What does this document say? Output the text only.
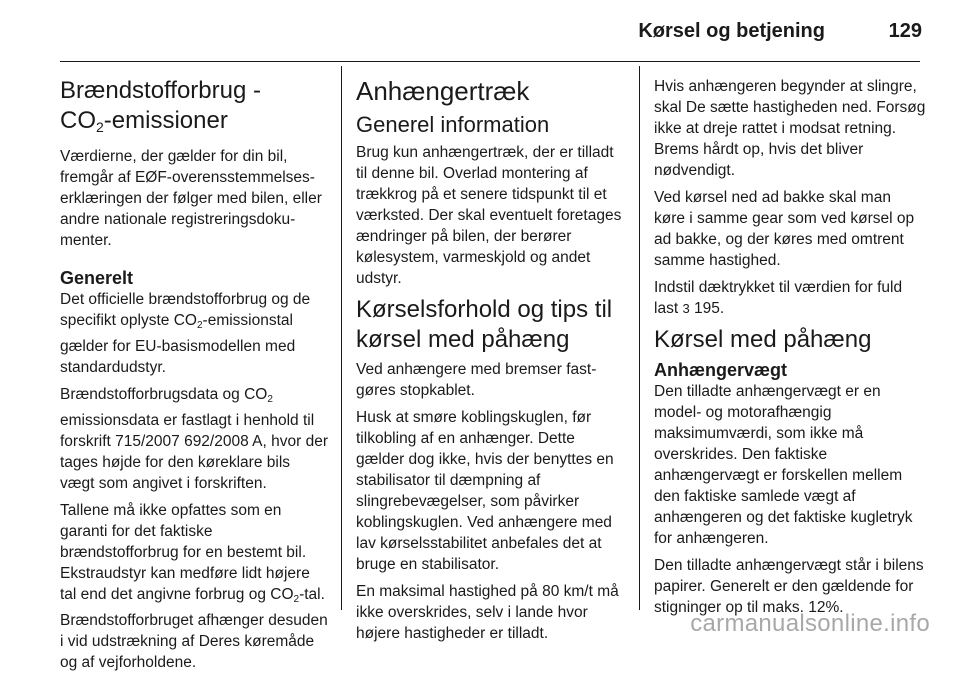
Kørsel og betjening	129
Brændstofforbrug -
CO2-emissioner

Værdierne, der gælder for din bil, fremgår af EØF-overensstemmelseserklæringen der følger med bilen, eller andre nationale registreringsdokumenter.

Generelt

Det officielle brændstofforbrug og de specifikt oplyste $CO_2$-emissionstal gælder for EU-basismodellen med standardudstyr.

Brændstofforbrugsdata og $CO_2$ emissionsdata er fastlagt i henhold til forskrift 715/2007 692/2008 A, hvor der tages højde for den køreklare bils vægt som angivet i forskriften.

Tallene må ikke opfattes som en garanti for det faktiske brændstofforbrug for en bestemt bil. Ekstraudstyr kan medføre lidt højere tal end det angivne forbrug og $CO_2$-tal. Brændstofforbruget afhænger desuden i vid udstrækning af Deres køremåde og af vejforholdene.

Anhængertræk
Generel information

Brug kun anhængertræk, der er tilladt til denne bil. Overlad montering af trækkrog på et senere tidspunkt til et værksted. Der skal eventuelt foretages ændringer på bilen, der berører kølesystem, varmeskjold og andet udstyr.

Kørselsforhold og tips til kørsel med påhæng

Ved anhængere med bremser fastgøres stopkablet.

Husk at smøre koblingskuglen, før tilkobling af en anhænger. Dette gælder dog ikke, hvis der benyttes en stabilisator til dæmpning af slingrebevægelser, som påvirker koblingskuglen. Ved anhængere med lav kørselsstabilitet anbefales det at bruge en stabilisator.

En maksimal hastighed på 80 km/t må ikke overskrides, selv i lande hvor højere hastigheder er tilladt.

Hvis anhængeren begynder at slingre, skal De sætte hastigheden ned. Forsøg ikke at dreje rattet i modsat retning. Brems hårdt op, hvis det bliver nødvendigt.

Ved kørsel ned ad bakke skal man køre i samme gear som ved kørsel op ad bakke, og der køres med omtrent samme hastighed.

Indstil dæktrykket til værdien for fuld last 3 195.

Kørsel med påhæng
Anhængervægt

Den tilladte anhængervægt er en model- og motorafhængig maksimumværdi, som ikke må overskrides. Den faktiske anhængervægt er forskellen mellem den faktiske samlede vægt af anhængeren og det faktiske kugletryk for anhængeren.

Den tilladte anhængervægt står i bilens papirer. Generelt er den gældende for stigninger op til maks. 12%.

carmanualsonline.info
